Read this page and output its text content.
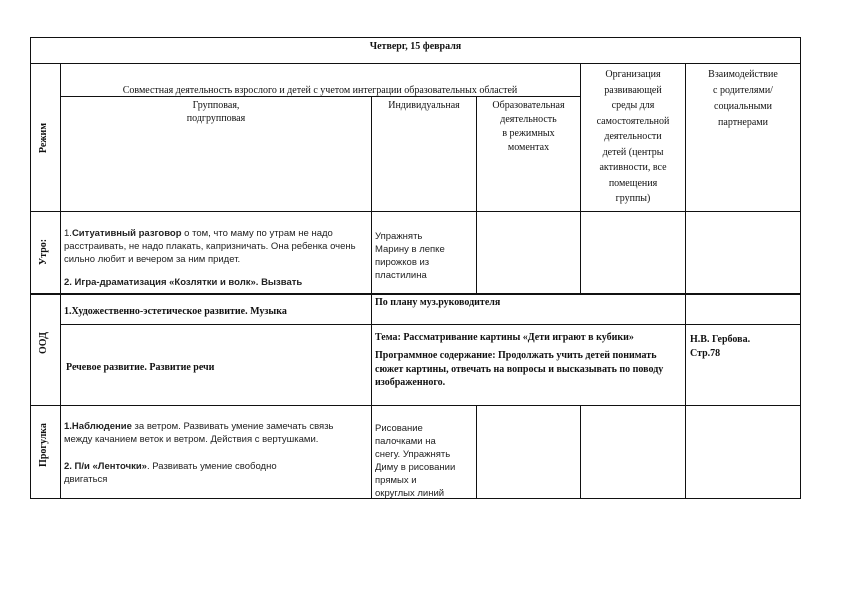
Четверг, 15 февраля
Совместная деятельность взрослого и детей с учетом интеграции образовательных областей
Групповая,
подгрупповая
Индивидуальная	Образовательная
деятельность
в режимных
моментах
Организация
развивающей
среды для
самостоятельной
деятельности
детей (центры
активности, все
помещения
группы)
Взаимодействие
с родителями/
социальными
партнерами
Режим
Утро:
ООД
Прогулка
1.Ситуативный разговор о том, что маму по утрам не надо расстраивать, не надо плакать, капризничать. Она ребенка очень сильно любит и вечером за ним придет.
2. Игра-драматизация «Козлятки и волк». Вызвать
Упражнять
Марину в лепке
пирожков из
пластилина
1.Художественно-эстетическое развитие. Музыка
По плану муз.руководителя
Речевое развитие. Развитие речи
Тема: Рассматривание картины «Дети играют в кубики»
Программное содержание: Продолжать учить детей понимать сюжет картины, отвечать на вопросы и высказывать по поводу изображенного.
Н.В. Гербова.
Стр.78
1.Наблюдение за ветром. Развивать умение замечать связь между качанием веток и ветром. Действия с вертушками.
2. П/и «Ленточки». Развивать умение свободно
двигаться
Рисование
палочками на
снегу. Упражнять
Диму в рисовании
прямых и
округлых линий
